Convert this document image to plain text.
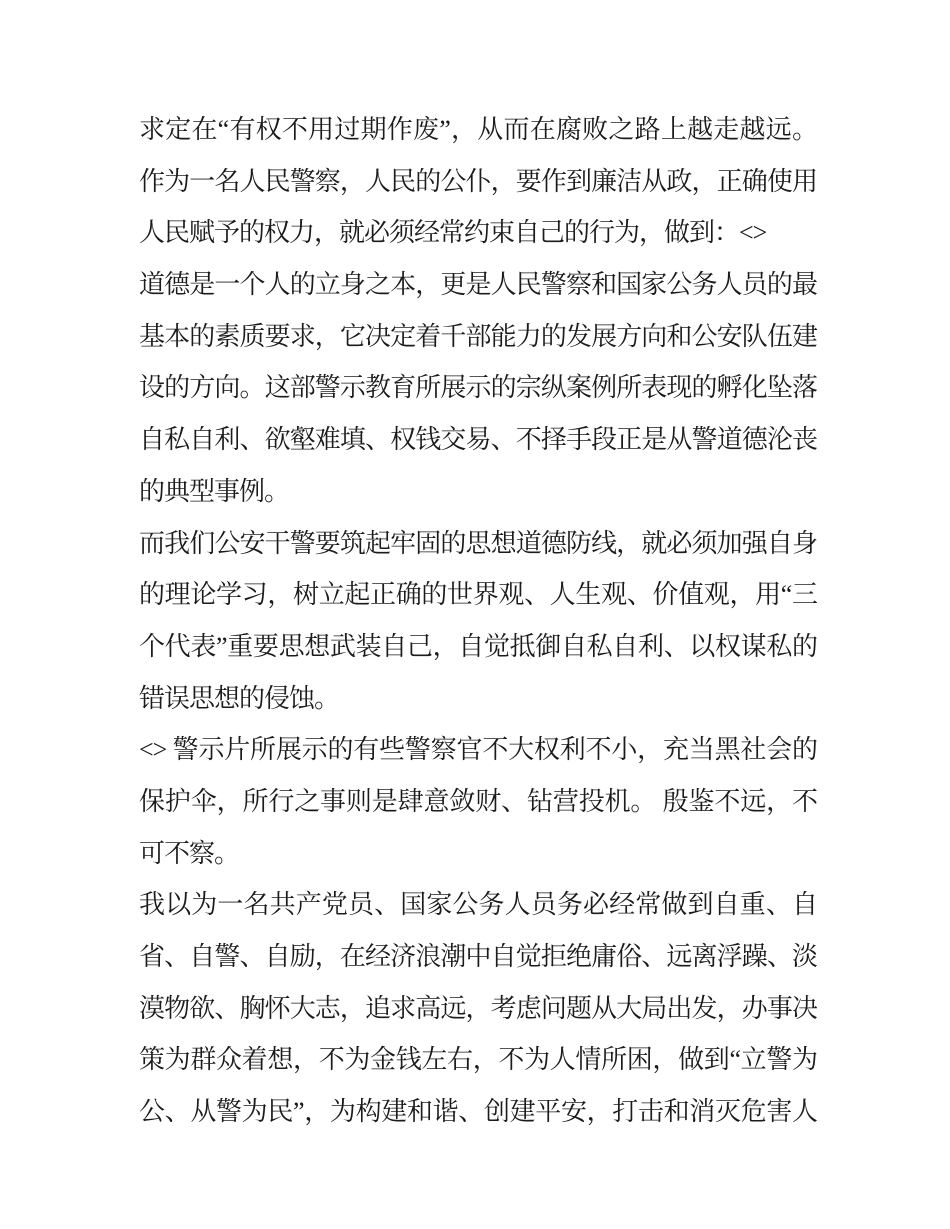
求定在“有权不用过期作废”，从而在腐败之路上越走越远。
作为一名人民警察，人民的公仆，要作到廉洁从政，正确使用
人民赋予的权力，就必须经常约束自己的行为，做到：<>
道德是一个人的立身之本，更是人民警察和国家公务人员的最
基本的素质要求，它决定着千部能力的发展方向和公安队伍建
设的方向。这部警示教育所展示的宗纵案例所表现的孵化坠落
自私自利、欲壑难填、权钱交易、不择手段正是从警道德沦丧
的典型事例。
而我们公安干警要筑起牢固的思想道德防线，就必须加强自身
的理论学习，树立起正确的世界观、人生观、价值观，用“三
个代表”重要思想武装自己，自觉抵御自私自利、以权谋私的
错误思想的侵蚀。
<> 警示片所展示的有些警察官不大权利不小，充当黑社会的
保护伞，所行之事则是肆意敛财、钻营投机。 殷鉴不远，不
可不察。
我以为一名共产党员、国家公务人员务必经常做到自重、自
省、自警、自励，在经济浪潮中自觉拒绝庸俗、远离浮躁、淡
漠物欲、胸怀大志，追求高远，考虑问题从大局出发，办事决
策为群众着想，不为金钱左右，不为人情所困，做到“立警为
公、从警为民”，为构建和谐、创建平安，打击和消灭危害人
